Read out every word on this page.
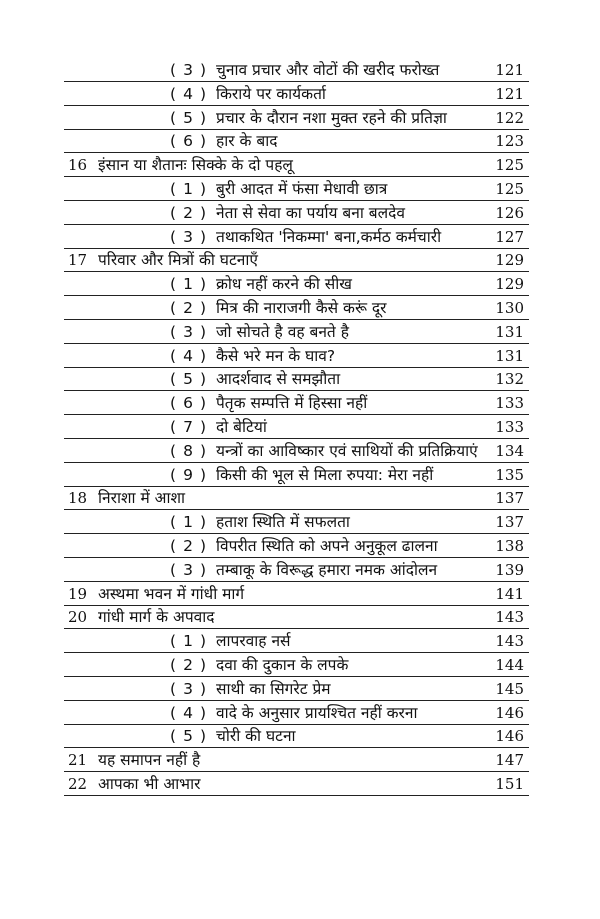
( 3 ) चुनाव प्रचार और वोटों की खरीद फरोख्त	121
( 4 ) किराये पर कार्यकर्ता	121
( 5 ) प्रचार के दौरान नशा मुक्त रहने की प्रतिज्ञा	122
( 6 ) हार के बाद	123
16 इंसान या शैतानः सिक्के के दो पहलू	125
( 1 ) बुरी आदत में फंसा मेधावी छात्र	125
( 2 ) नेता से सेवा का पर्याय बना बलदेव	126
( 3 ) तथाकथित 'निकम्मा' बना,कर्मठ कर्मचारी	127
17 परिवार और मित्रों की घटनाएँ	129
( 1 ) क्रोध नहीं करने की सीख	129
( 2 ) मित्र की नाराजगी कैसे करूं दूर	130
( 3 ) जो सोचते है वह बनते है	131
( 4 ) कैसे भरे मन के घाव?	131
( 5 ) आदर्शवाद से समझौता	132
( 6 ) पैतृक सम्पत्ति में हिस्सा नहीं	133
( 7 ) दो बेटियां	133
( 8 ) यन्त्रों का आविष्कार एवं साथियों की प्रतिक्रियाएं 134
( 9 ) किसी की भूल से मिला रुपया: मेरा नहीं	135
18 निराशा में आशा	137
( 1 ) हताश स्थिति में सफलता	137
( 2 ) विपरीत स्थिति को अपने अनुकूल ढालना	138
( 3 ) तम्बाकू के विरूद्ध हमारा नमक आंदोलन	139
19 अस्थमा भवन में गांधी मार्ग	141
20 गांधी मार्ग के अपवाद	143
( 1 ) लापरवाह नर्स	143
( 2 ) दवा की दुकान के लपके	144
( 3 ) साथी का सिगरेट प्रेम	145
( 4 ) वादे के अनुसार प्रायश्चित नहीं करना	146
( 5 ) चोरी की घटना	146
21 यह समापन नहीं है	147
22 आपका भी आभार	151
